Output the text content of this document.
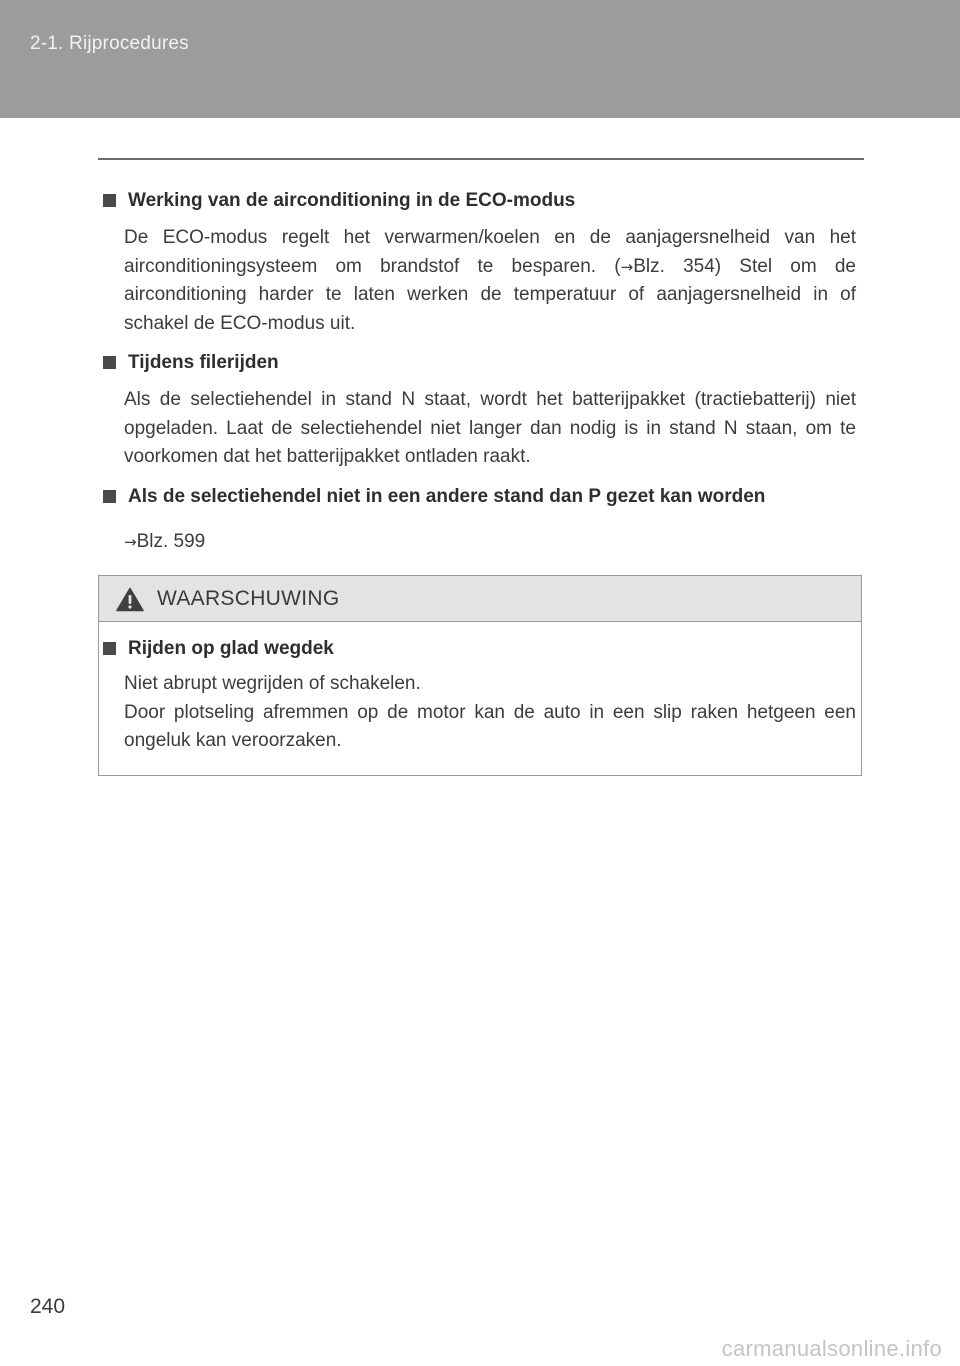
2-1. Rijprocedures
Werking van de airconditioning in de ECO-modus
De ECO-modus regelt het verwarmen/koelen en de aanjagersnelheid van het airconditioningsysteem om brandstof te besparen. (→Blz. 354) Stel om de airconditioning harder te laten werken de temperatuur of aanjagersnelheid in of schakel de ECO-modus uit.
Tijdens filerijden
Als de selectiehendel in stand N staat, wordt het batterijpakket (tractiebatterij) niet opgeladen. Laat de selectiehendel niet langer dan nodig is in stand N staan, om te voorkomen dat het batterijpakket ontladen raakt.
Als de selectiehendel niet in een andere stand dan P gezet kan worden
→Blz. 599
WAARSCHUWING
Rijden op glad wegdek
Niet abrupt wegrijden of schakelen.
Door plotseling afremmen op de motor kan de auto in een slip raken hetgeen een ongeluk kan veroorzaken.
240
carmanualsonline.info
